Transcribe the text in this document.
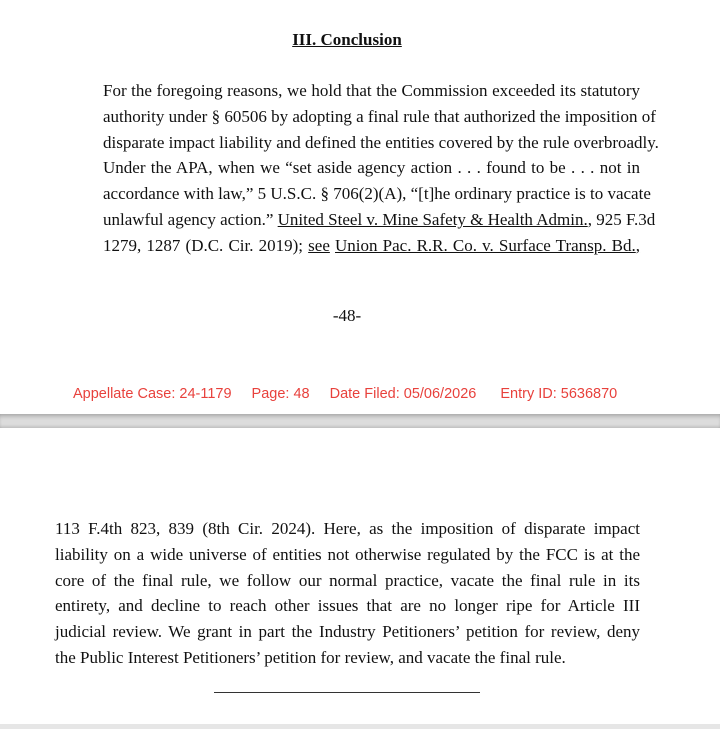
III. Conclusion
For the foregoing reasons, we hold that the Commission exceeded its statutory
authority under § 60506 by adopting a final rule that authorized the imposition of
disparate impact liability and defined the entities covered by the rule overbroadly.
Under the APA, when we “set aside agency action . . . found to be . . . not in
accordance with law,” 5 U.S.C. § 706(2)(A), “[t]he ordinary practice is to vacate
unlawful agency action.” United Steel v. Mine Safety & Health Admin., 925 F.3d
1279, 1287 (D.C. Cir. 2019); see Union Pac. R.R. Co. v. Surface Transp. Bd.,
-48-
Appellate Case: 24-1179 Page: 48 Date Filed: 05/06/2026 Entry ID: 5636870
113 F.4th 823, 839 (8th Cir. 2024). Here, as the imposition of disparate impact
liability on a wide universe of entities not otherwise regulated by the FCC is at the
core of the final rule, we follow our normal practice, vacate the final rule in its
entirety, and decline to reach other issues that are no longer ripe for Article III
judicial review. We grant in part the Industry Petitioners’ petition for review, deny
the Public Interest Petitioners’ petition for review, and vacate the final rule.
